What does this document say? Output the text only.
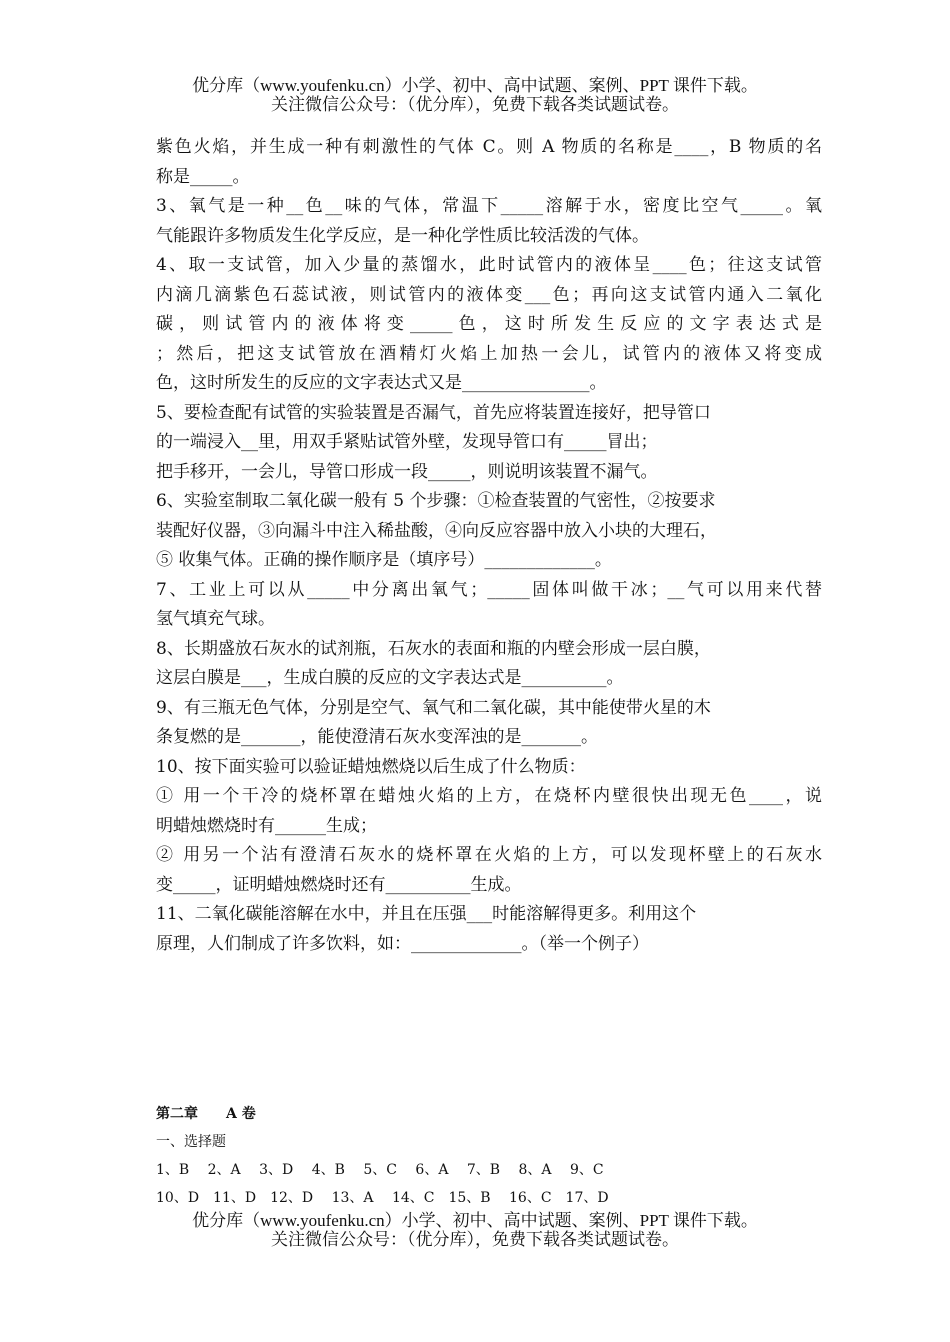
优分库（www.youfenku.cn）小学、初中、高中试题、案例、PPT 课件下载。
关注微信公众号：（优分库），免费下载各类试题试卷。

紫色火焰，并生成一种有刺激性的气体 C。则 A 物质的名称是____，B 物质的名

称是_____。

3、氧气是一种__色__味的气体，常温下_____溶解于水，密度比空气_____。氧

气能跟许多物质发生化学反应，是一种化学性质比较活泼的气体。

4、取一支试管，加入少量的蒸馏水，此时试管内的液体呈____色；往这支试管

内滴几滴紫色石蕊试液，则试管内的液体变___色；再向这支试管内通入二氧化

碳，则试管内的液体将变_____色，这时所发生反应的文字表达式是

；然后，把这支试管放在酒精灯火焰上加热一会儿，试管内的液体又将变成

色，这时所发生的反应的文字表达式又是_______________。

5、要检查配有试管的实验装置是否漏气，首先应将装置连接好，把导管口

的一端浸入__里，用双手紧贴试管外壁，发现导管口有_____冒出；

把手移开，一会儿，导管口形成一段_____，则说明该装置不漏气。

6、实验室制取二氧化碳一般有 5 个步骤：①检查装置的气密性，②按要求

装配好仪器，③向漏斗中注入稀盐酸，④向反应容器中放入小块的大理石，

⑤ 收集气体。正确的操作顺序是（填序号）_____________。

7、工业上可以从_____中分离出氧气；_____固体叫做干冰；__气可以用来代替

氢气填充气球。

8、长期盛放石灰水的试剂瓶，石灰水的表面和瓶的内壁会形成一层白膜，

这层白膜是___，生成白膜的反应的文字表达式是__________。

9、有三瓶无色气体，分别是空气、氧气和二氧化碳，其中能使带火星的木

条复燃的是_______，能使澄清石灰水变浑浊的是_______。

10、按下面实验可以验证蜡烛燃烧以后生成了什么物质：

① 用一个干冷的烧杯罩在蜡烛火焰的上方，在烧杯内壁很快出现无色____，说

明蜡烛燃烧时有______生成；

② 用另一个沾有澄清石灰水的烧杯罩在火焰的上方，可以发现杯壁上的石灰水

变_____，证明蜡烛燃烧时还有__________生成。

11、二氧化碳能溶解在水中，并且在压强___时能溶解得更多。利用这个

原理，人们制成了许多饮料，如：_____________。（举一个例子）

第二章　　A 卷

一、选择题

1、B　 2、A　 3、D　 4、B　 5、C　 6、A　 7、B　 8、A　 9、C

10、D　11、D　12、D　 13、A　 14、C　15、B　 16、C　17、D

优分库（www.youfenku.cn）小学、初中、高中试题、案例、PPT 课件下载。
关注微信公众号：（优分库），免费下载各类试题试卷。
